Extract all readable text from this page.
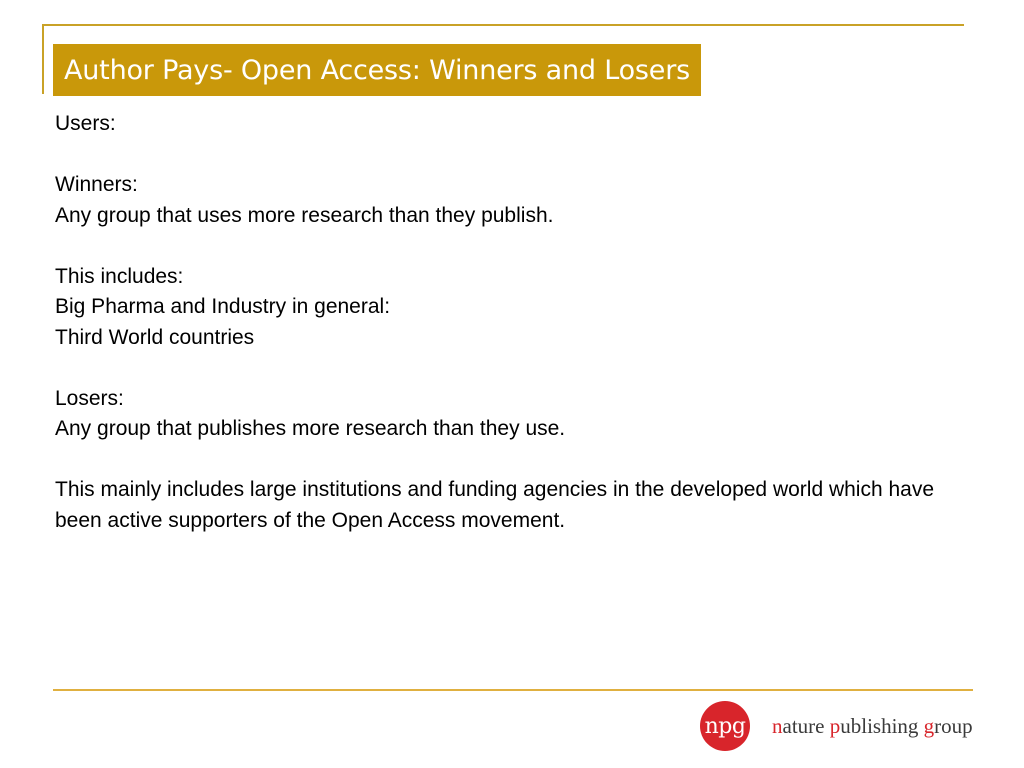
Author Pays- Open Access: Winners and Losers
Users:
Winners:
Any group that uses more research than they publish.
This includes:
Big Pharma and Industry in general:
Third World countries
Losers:
Any group that publishes more research than they use.
This mainly includes large institutions and funding agencies in the developed world which have been active supporters of the Open Access movement.
npg nature publishing group
